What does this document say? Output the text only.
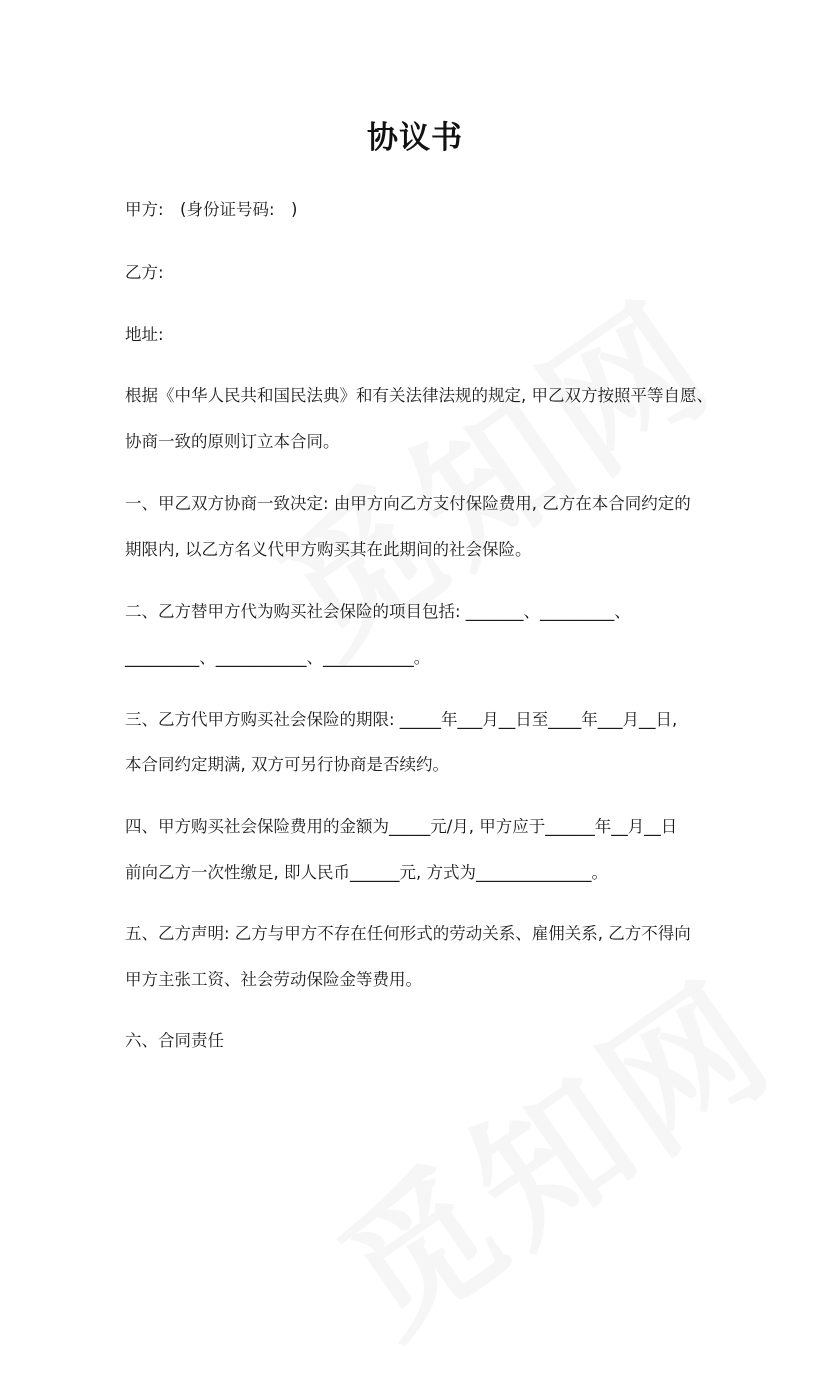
协议书
甲方:　(身份证号码:　)
乙方:
地址:
根据《中华人民共和国民法典》和有关法律法规的规定, 甲乙双方按照平等自愿、
协商一致的原则订立本合同。
一、甲乙双方协商一致决定: 由甲方向乙方支付保险费用, 乙方在本合同约定的
期限内, 以乙方名义代甲方购买其在此期间的社会保险。
二、乙方替甲方代为购买社会保险的项目包括: _______、_________、
_________、___________、___________。
三、乙方代甲方购买社会保险的期限: _____年___月__日至____年___月__日,
本合同约定期满, 双方可另行协商是否续约。
四、甲方购买社会保险费用的金额为_____元/月, 甲方应于______年__月__日
前向乙方一次性缴足, 即人民币______元, 方式为______________。
五、乙方声明: 乙方与甲方不存在任何形式的劳动关系、雇佣关系, 乙方不得向
甲方主张工资、社会劳动保险金等费用。
六、合同责任
